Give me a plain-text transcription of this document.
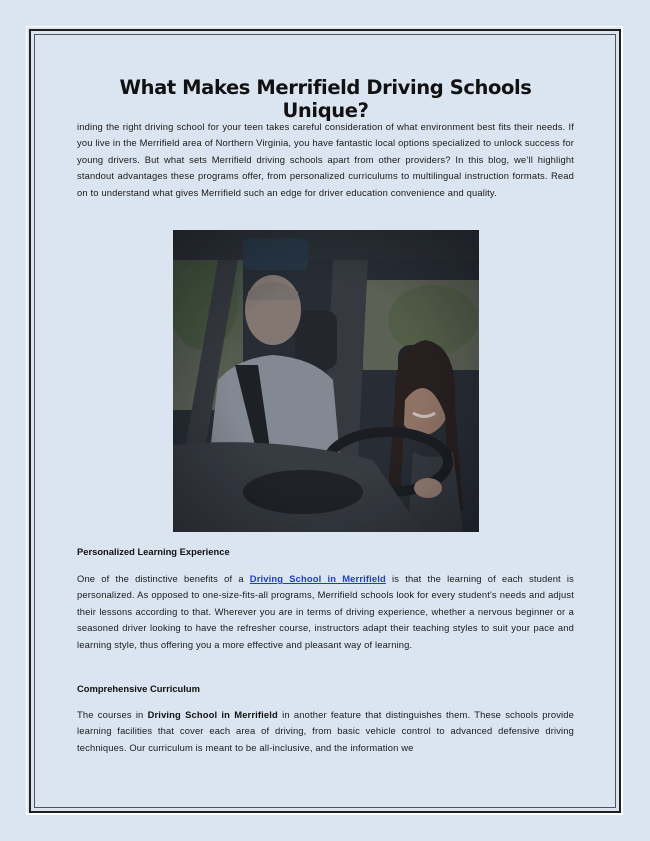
What Makes Merrifield Driving Schools Unique?

inding the right driving school for your teen takes careful consideration of what environment best fits their needs. If you live in the Merrifield area of Northern Virginia, you have fantastic local options specialized to unlock success for young drivers. But what sets Merrifield driving schools apart from other providers? In this blog, we’ll highlight standout advantages these programs offer, from personalized curriculums to multilingual instruction formats. Read on to understand what gives Merrifield such an edge for driver education convenience and quality.

Personalized Learning Experience

One of the distinctive benefits of a Driving School in Merrifield is that the learning of each student is personalized. As opposed to one-size-fits-all programs, Merrifield schools look for every student's needs and adjust their lessons according to that. Wherever you are in terms of driving experience, whether a nervous beginner or a seasoned driver looking to have the refresher course, instructors adapt their teaching styles to suit your pace and learning style, thus offering you a more effective and pleasant way of learning.

Comprehensive Curriculum

The courses in Driving School in Merrifield in another feature that distinguishes them. These schools provide learning facilities that cover each area of driving, from basic vehicle control to advanced defensive driving techniques. Our curriculum is meant to be all-inclusive, and the information we
